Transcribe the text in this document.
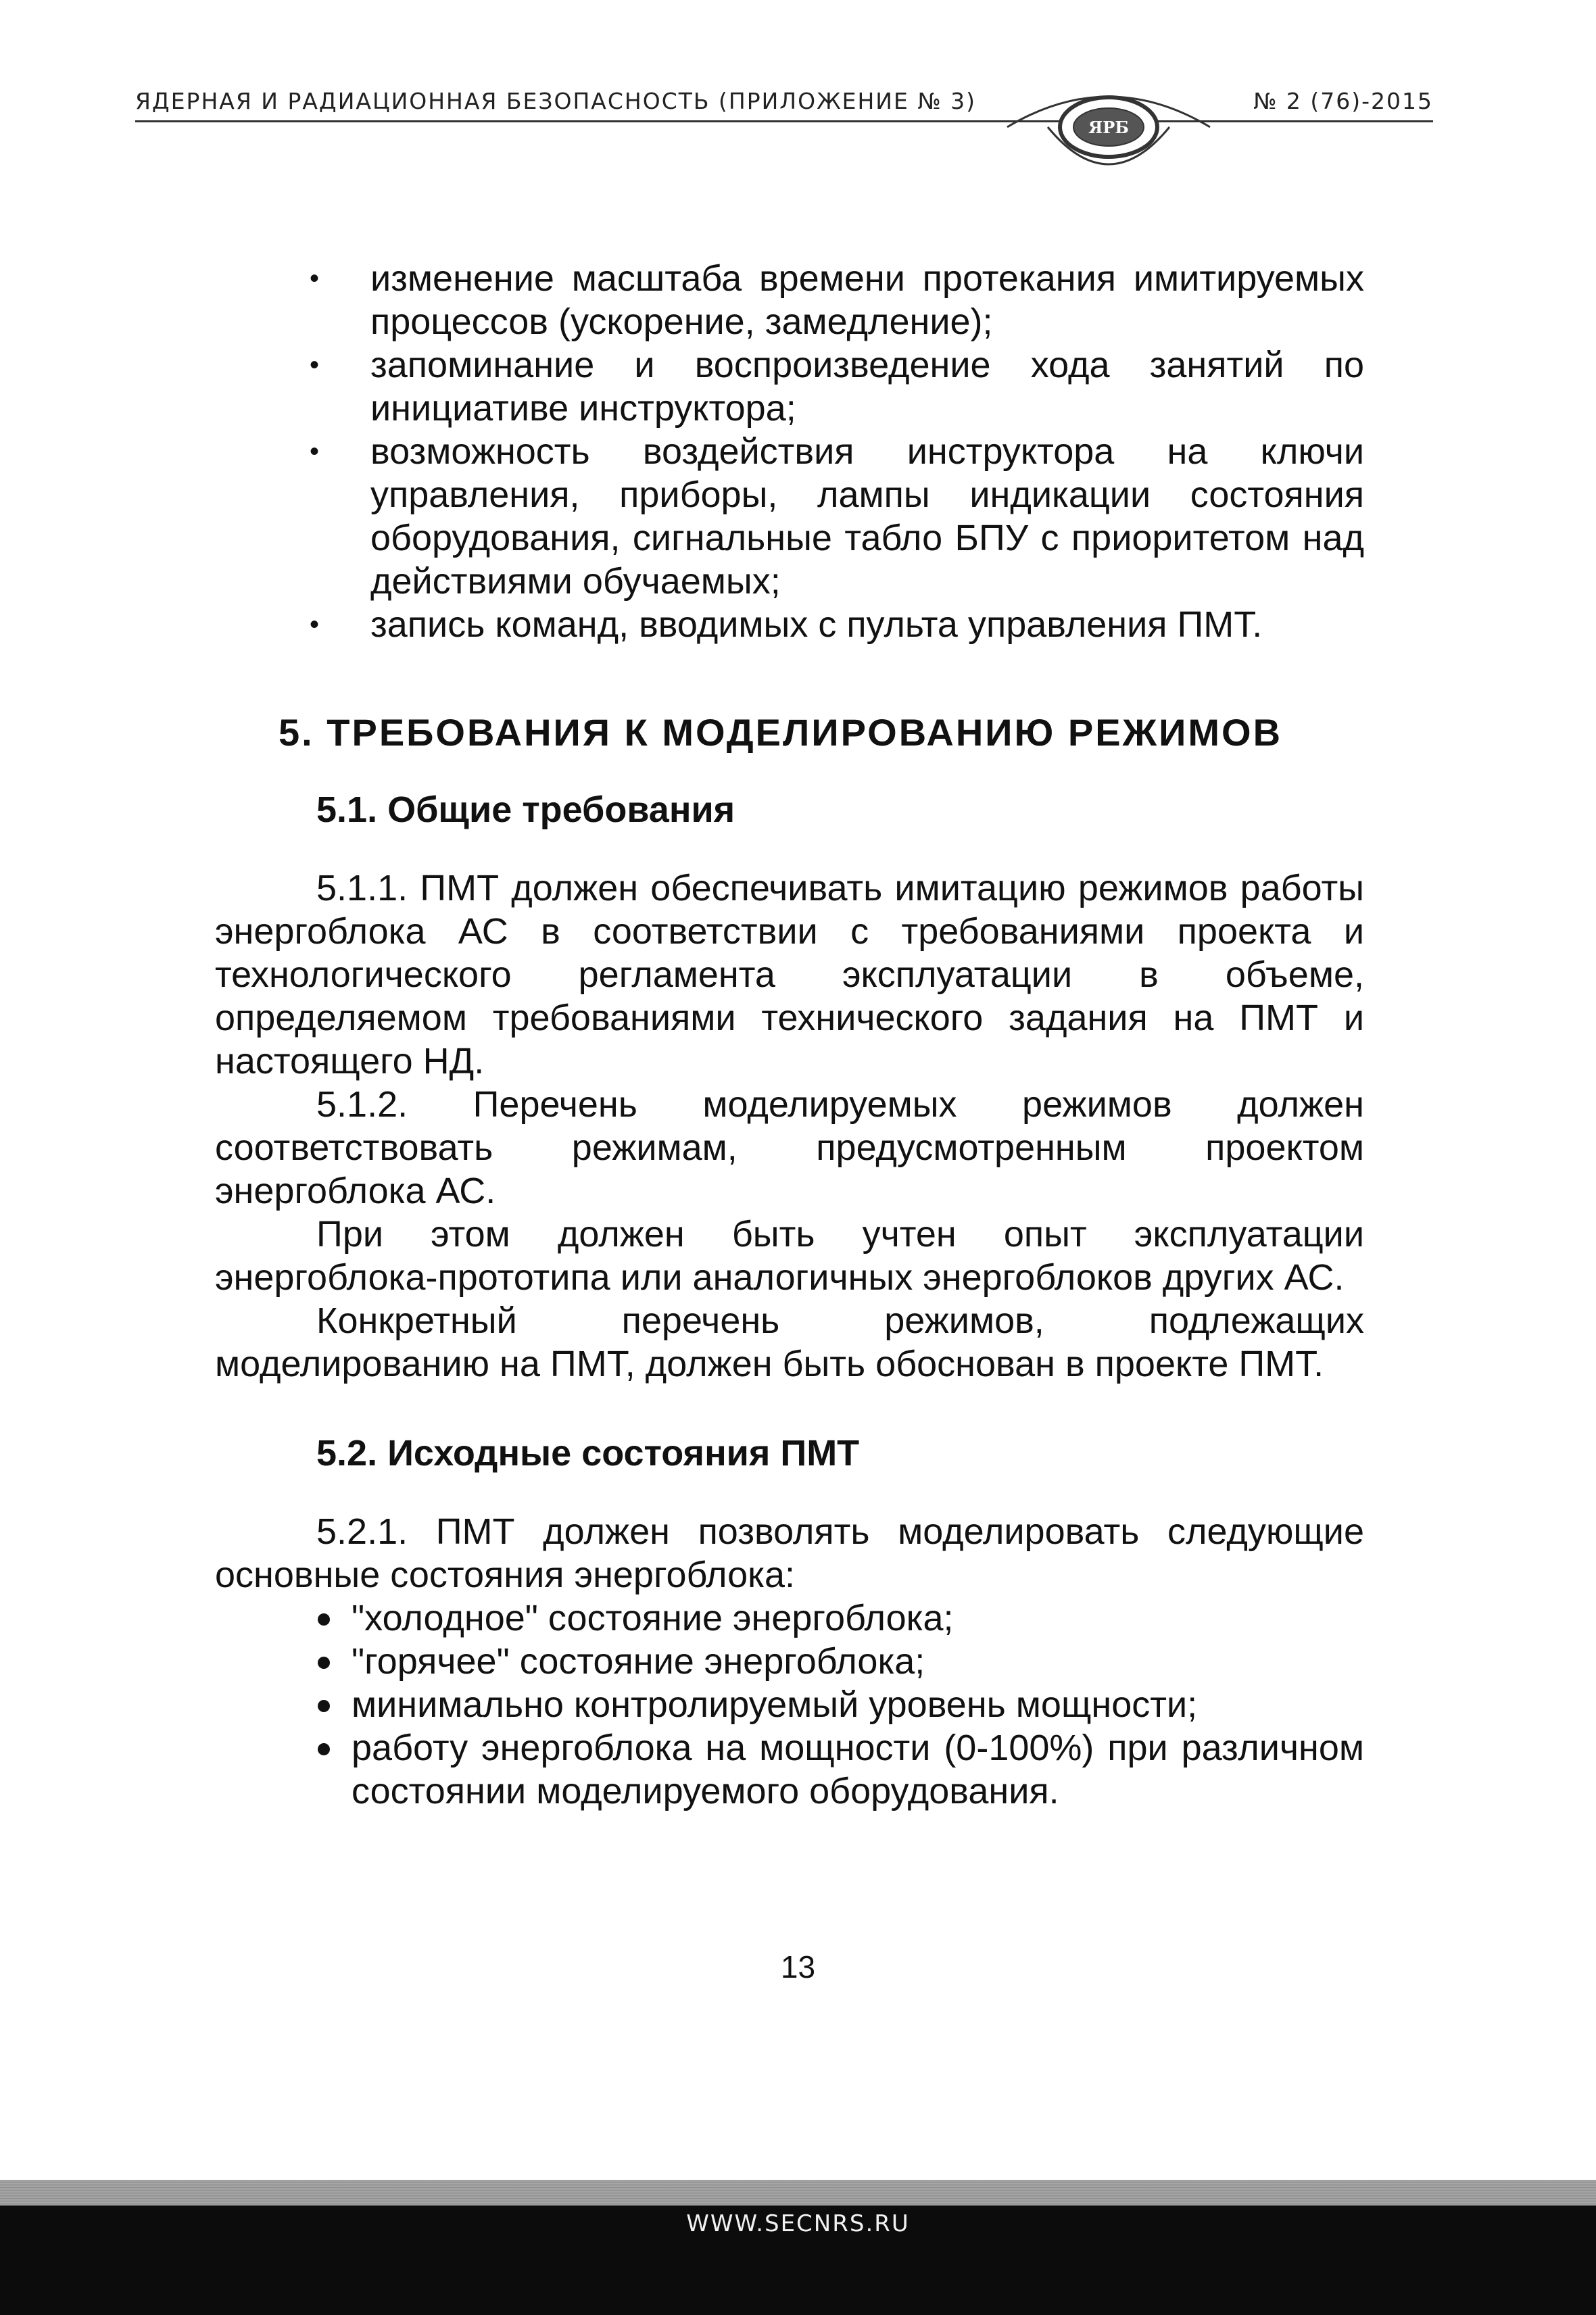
ЯДЕРНАЯ И РАДИАЦИОННАЯ БЕЗОПАСНОСТЬ (ПРИЛОЖЕНИЕ № 3)
ЯРБ
№ 2 (76)-2015
• изменение масштаба времени протекания имитируемых процессов (ускорение, замедление);
• запоминание и воспроизведение хода занятий по инициативе инструктора;
• возможность воздействия инструктора на ключи управления, приборы, лампы индикации состояния оборудования, сигнальные табло БПУ с приоритетом над действиями обучаемых;
• запись команд, вводимых с пульта управления ПМТ.
5. ТРЕБОВАНИЯ К МОДЕЛИРОВАНИЮ РЕЖИМОВ
5.1. Общие требования

5.1.1. ПМТ должен обеспечивать имитацию режимов работы энергоблока АС в соответствии с требованиями проекта и технологического регламента эксплуатации в объеме, определяемом требованиями технического задания на ПМТ и настоящего НД.

5.1.2. Перечень моделируемых режимов должен соответствовать режимам, предусмотренным проектом энергоблока АС.

При этом должен быть учтен опыт эксплуатации энергоблока-прототипа или аналогичных энергоблоков других АС.

Конкретный перечень режимов, подлежащих моделированию на ПМТ, должен быть обоснован в проекте ПМТ.

5.2. Исходные состояния ПМТ

5.2.1. ПМТ должен позволять моделировать следующие основные состояния энергоблока:

"холодное" состояние энергоблока;
"горячее" состояние энергоблока;
минимально контролируемый уровень мощности;
работу энергоблока на мощности (0-100%) при различном состоянии моделируемого оборудования.
13
WWW.SECNRS.RU
